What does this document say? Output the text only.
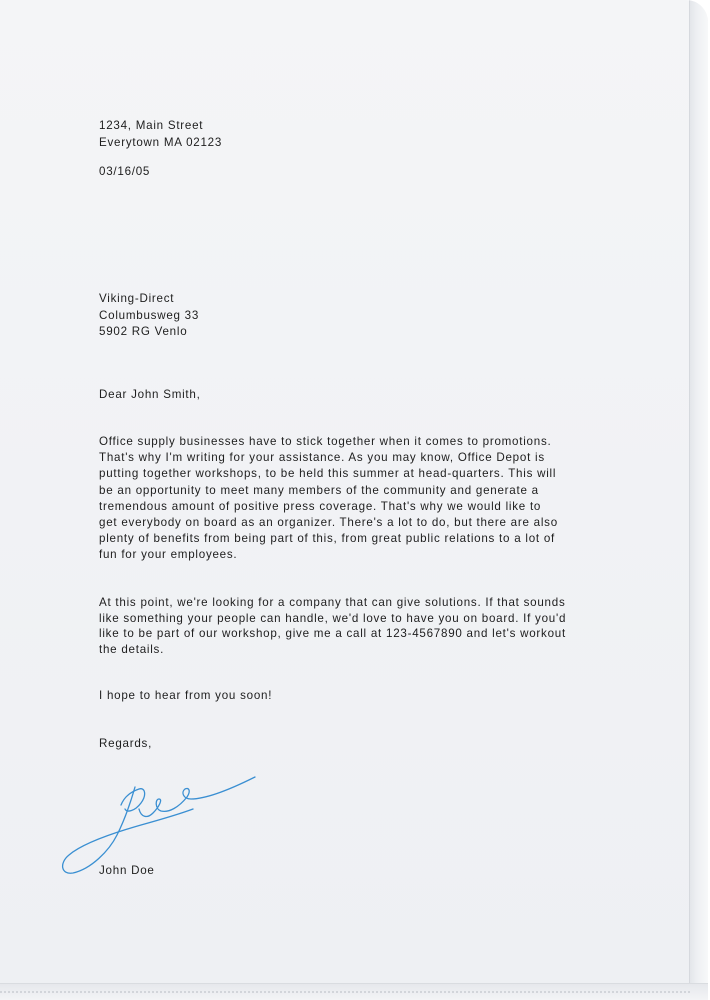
1234, Main Street
Everytown MA 02123
03/16/05
Viking-Direct
Columbusweg 33
5902 RG Venlo
Dear John Smith,
Office supply businesses have to stick together when it comes to promotions.
That's why I'm writing for your assistance. As you may know, Office Depot is
putting together workshops, to be held this summer at head-quarters. This will
be an opportunity to meet many members of the community and generate a
tremendous amount of positive press coverage. That's why we would like to
get everybody on board as an organizer. There's a lot to do, but there are also
plenty of benefits from being part of this, from great public relations to a lot of
fun for your employees.
At this point, we're looking for a company that can give solutions. If that sounds
like something your people can handle, we'd love to have you on board. If you'd
like to be part of our workshop, give me a call at 123-4567890 and let's workout
the details.
I hope to hear from you soon!
Regards,
John Doe
